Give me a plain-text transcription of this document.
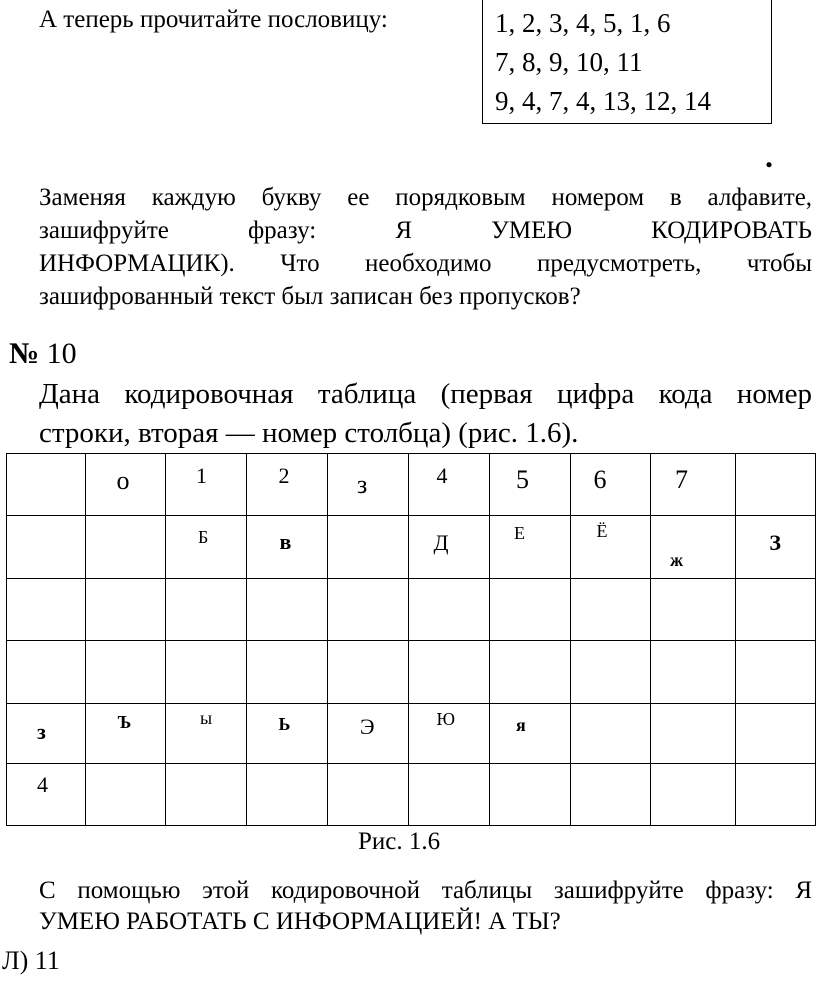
А теперь прочитайте пословицу:	1, 2, 3, 4, 5, 1, 6
7, 8, 9, 10, 11
9, 4, 7, 4, 13, 12, 14
.
Заменяя каждую букву ее порядковым номером в алфавите,
зашифруйте	фразу:	Я	УМЕЮ	КОДИРОВАТЬ
ИНФОРМАЦИК). Что необходимо предусмотреть, чтобы
зашифрованный текст был записан без пропусков?
№ 10
Дана кодировочная таблица (первая цифра кода номер
строки, вторая — номер столбца) (рис. 1.6).

	о	1	2	з	4	5	6	7	

		Б	в		Д	Е	Ё	ж	З

з	Ъ	ы	Ь	Э	Ю	я			

4									

Рис. 1.6
С помощью этой кодировочной таблицы зашифруйте фразу: Я
УМЕЮ РАБОТАТЬ С ИНФОРМАЦИЕЙ! А ТЫ?
Л) 11
